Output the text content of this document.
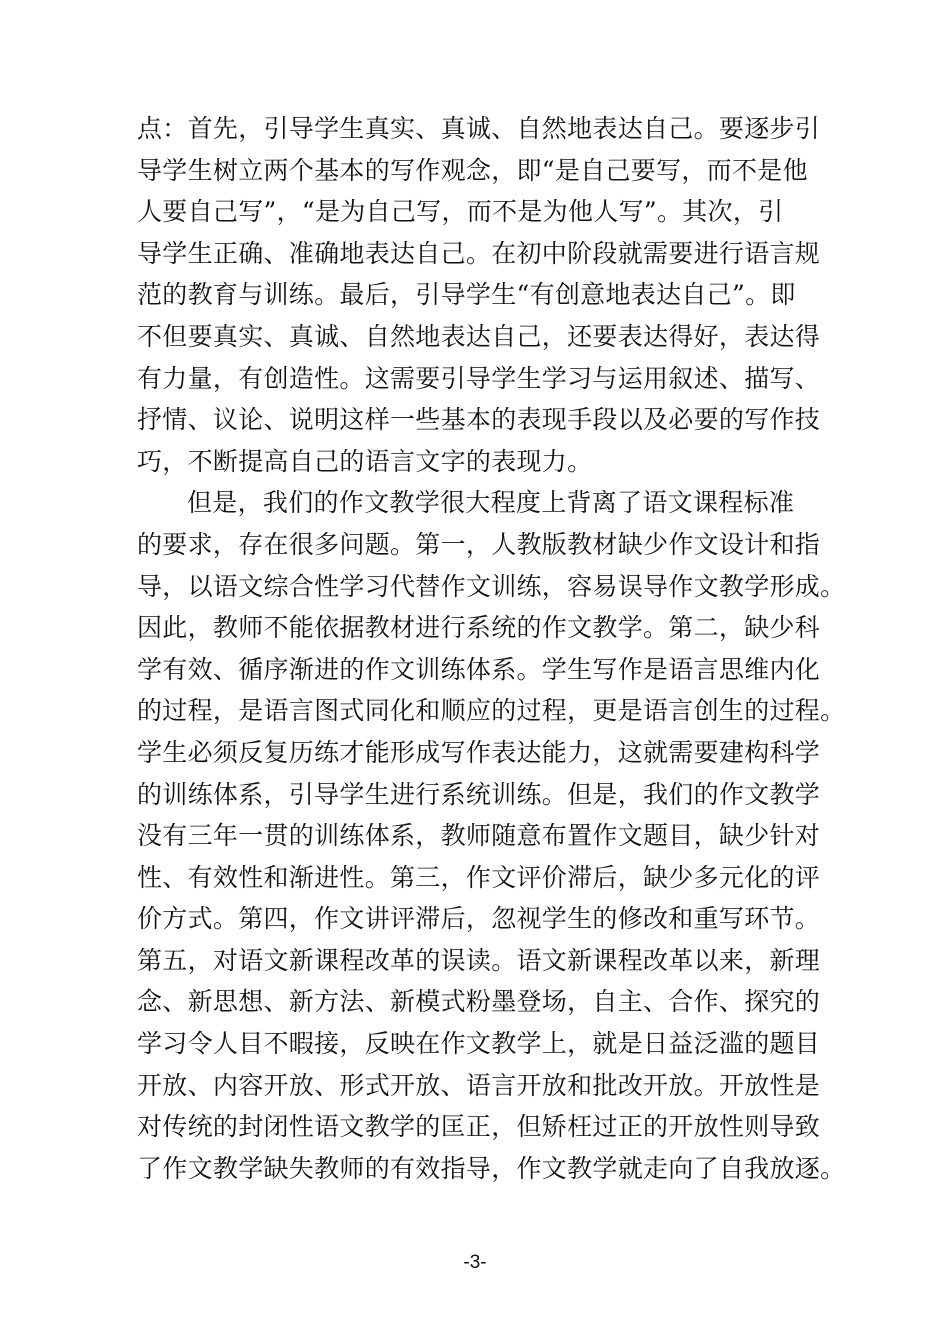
点：首先，引导学生真实、真诚、自然地表达自己。要逐步引
导学生树立两个基本的写作观念，即“是自己要写，而不是他
人要自己写”，“是为自己写，而不是为他人写”。其次，引
导学生正确、准确地表达自己。在初中阶段就需要进行语言规
范的教育与训练。最后，引导学生“有创意地表达自己”。即
不但要真实、真诚、自然地表达自己，还要表达得好，表达得
有力量，有创造性。这需要引导学生学习与运用叙述、描写、
抒情、议论、说明这样一些基本的表现手段以及必要的写作技
巧，不断提高自己的语言文字的表现力。
但是，我们的作文教学很大程度上背离了语文课程标准
的要求，存在很多问题。第一，人教版教材缺少作文设计和指
导，以语文综合性学习代替作文训练，容易误导作文教学形成。
因此，教师不能依据教材进行系统的作文教学。第二，缺少科
学有效、循序渐进的作文训练体系。学生写作是语言思维内化
的过程，是语言图式同化和顺应的过程，更是语言创生的过程。
学生必须反复历练才能形成写作表达能力，这就需要建构科学
的训练体系，引导学生进行系统训练。但是，我们的作文教学
没有三年一贯的训练体系，教师随意布置作文题目，缺少针对
性、有效性和渐进性。第三，作文评价滞后，缺少多元化的评
价方式。第四，作文讲评滞后，忽视学生的修改和重写环节。
第五，对语文新课程改革的误读。语文新课程改革以来，新理
念、新思想、新方法、新模式粉墨登场，自主、合作、探究的
学习令人目不暇接，反映在作文教学上，就是日益泛滥的题目
开放、内容开放、形式开放、语言开放和批改开放。开放性是
对传统的封闭性语文教学的匡正，但矫枉过正的开放性则导致
了作文教学缺失教师的有效指导，作文教学就走向了自我放逐。
-3-
